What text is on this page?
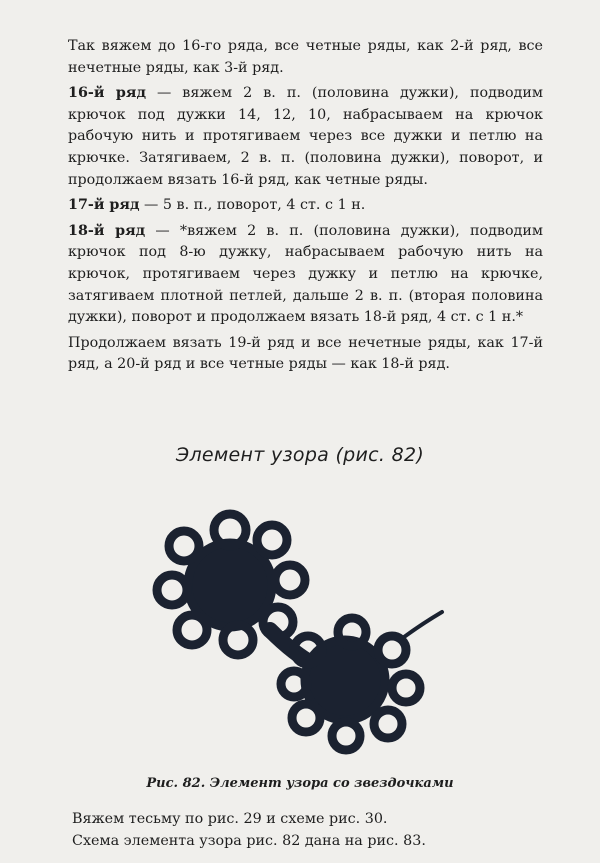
Так вяжем до 16-го ряда, все четные ряды, как 2-й ряд, все нечетные ряды, как 3-й ряд.

16-й ряд — вяжем 2 в. п. (половина дужки), подводим крючок под дужки 14, 12, 10, набрасываем на крючок рабочую нить и протягиваем через все дужки и петлю на крючке. Затягиваем, 2 в. п. (половина дужки), поворот, и продолжаем вязать 16-й ряд, как четные ряды.

17-й ряд — 5 в. п., поворот, 4 ст. с 1 н.

18-й ряд — *вяжем 2 в. п. (половина дужки), подводим крючок под 8-ю дужку, набрасываем рабочую нить на крючок, протягиваем через дужку и петлю на крючке, затягиваем плотной петлей, дальше 2 в. п. (вторая половина дужки), поворот и продолжаем вязать 18-й ряд, 4 ст. с 1 н.*

Продолжаем вязать 19-й ряд и все нечетные ряды, как 17-й ряд, а 20-й ряд и все четные ряды — как 18-й ряд.

Элемент узора (рис. 82)
Рис. 82. Элемент узора со звездочками
Вяжем тесьму по рис. 29 и схеме рис. 30.
Схема элемента узора рис. 82 дана на рис. 83.
